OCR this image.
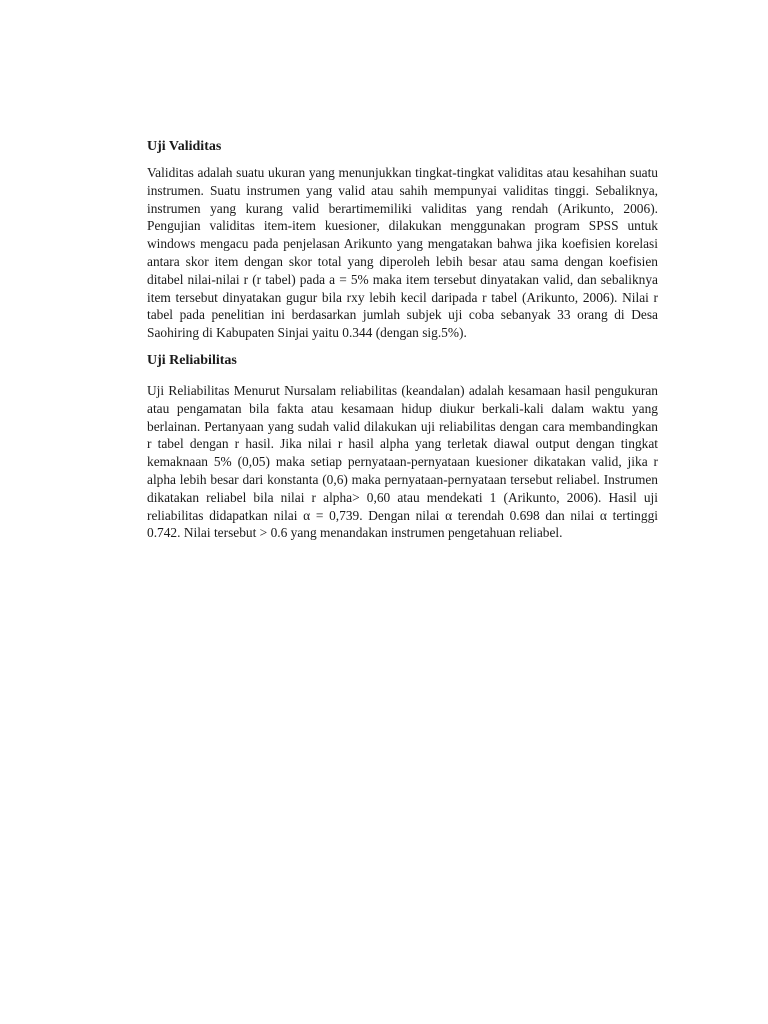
Uji Validitas

Validitas adalah suatu ukuran yang menunjukkan tingkat-tingkat validitas atau kesahihan suatu instrumen. Suatu instrumen yang valid atau sahih mempunyai validitas tinggi. Sebaliknya, instrumen yang kurang valid berartimemiliki validitas yang rendah (Arikunto, 2006). Pengujian validitas item-item kuesioner, dilakukan menggunakan program SPSS untuk windows mengacu pada penjelasan Arikunto yang mengatakan bahwa jika koefisien korelasi antara skor item dengan skor total yang diperoleh lebih besar atau sama dengan koefisien ditabel nilai-nilai r (r tabel) pada a = 5% maka item tersebut dinyatakan valid, dan sebaliknya item tersebut dinyatakan gugur bila rxy lebih kecil daripada r tabel (Arikunto, 2006). Nilai r tabel pada penelitian ini berdasarkan jumlah subjek uji coba sebanyak 33 orang di Desa Saohiring di Kabupaten Sinjai yaitu 0.344 (dengan sig.5%).

Uji Reliabilitas

Uji Reliabilitas Menurut Nursalam reliabilitas (keandalan) adalah kesamaan hasil pengukuran atau pengamatan bila fakta atau kesamaan hidup diukur berkali-kali dalam waktu yang berlainan. Pertanyaan yang sudah valid dilakukan uji reliabilitas dengan cara membandingkan r tabel dengan r hasil. Jika nilai r hasil alpha yang terletak diawal output dengan tingkat kemaknaan 5% (0,05) maka setiap pernyataan-pernyataan kuesioner dikatakan valid, jika r alpha lebih besar dari konstanta (0,6) maka pernyataan-pernyataan tersebut reliabel. Instrumen dikatakan reliabel bila nilai r alpha> 0,60 atau mendekati 1 (Arikunto, 2006). Hasil uji reliabilitas didapatkan nilai α = 0,739. Dengan nilai α terendah 0.698 dan nilai α tertinggi 0.742. Nilai tersebut > 0.6 yang menandakan instrumen pengetahuan reliabel.
